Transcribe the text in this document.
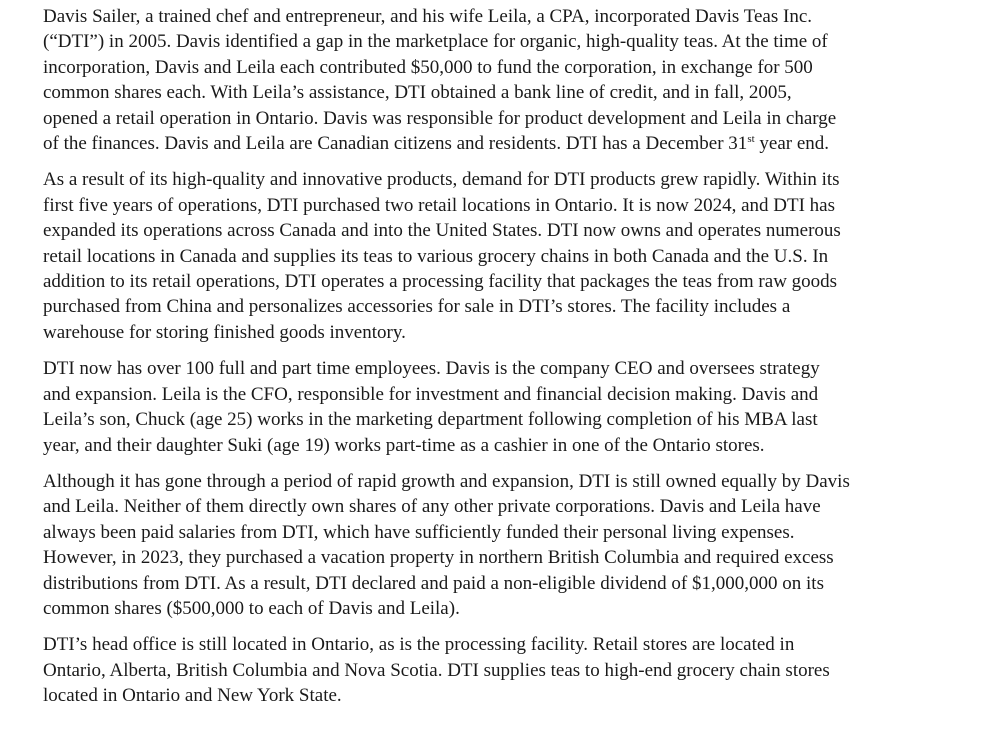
Davis Sailer, a trained chef and entrepreneur, and his wife Leila, a CPA, incorporated Davis Teas Inc.
(“DTI”) in 2005. Davis identified a gap in the marketplace for organic, high-quality teas. At the time of
incorporation, Davis and Leila each contributed $50,000 to fund the corporation, in exchange for 500
common shares each. With Leila’s assistance, DTI obtained a bank line of credit, and in fall, 2005,
opened a retail operation in Ontario. Davis was responsible for product development and Leila in charge
of the finances. Davis and Leila are Canadian citizens and residents. DTI has a December 31st year end.

As a result of its high-quality and innovative products, demand for DTI products grew rapidly. Within its
first five years of operations, DTI purchased two retail locations in Ontario. It is now 2024, and DTI has
expanded its operations across Canada and into the United States. DTI now owns and operates numerous
retail locations in Canada and supplies its teas to various grocery chains in both Canada and the U.S. In
addition to its retail operations, DTI operates a processing facility that packages the teas from raw goods
purchased from China and personalizes accessories for sale in DTI’s stores. The facility includes a
warehouse for storing finished goods inventory.

DTI now has over 100 full and part time employees. Davis is the company CEO and oversees strategy
and expansion. Leila is the CFO, responsible for investment and financial decision making. Davis and
Leila’s son, Chuck (age 25) works in the marketing department following completion of his MBA last
year, and their daughter Suki (age 19) works part-time as a cashier in one of the Ontario stores.

Although it has gone through a period of rapid growth and expansion, DTI is still owned equally by Davis
and Leila. Neither of them directly own shares of any other private corporations. Davis and Leila have
always been paid salaries from DTI, which have sufficiently funded their personal living expenses.
However, in 2023, they purchased a vacation property in northern British Columbia and required excess
distributions from DTI. As a result, DTI declared and paid a non-eligible dividend of $1,000,000 on its
common shares ($500,000 to each of Davis and Leila).

DTI’s head office is still located in Ontario, as is the processing facility. Retail stores are located in
Ontario, Alberta, British Columbia and Nova Scotia. DTI supplies teas to high-end grocery chain stores
located in Ontario and New York State.
